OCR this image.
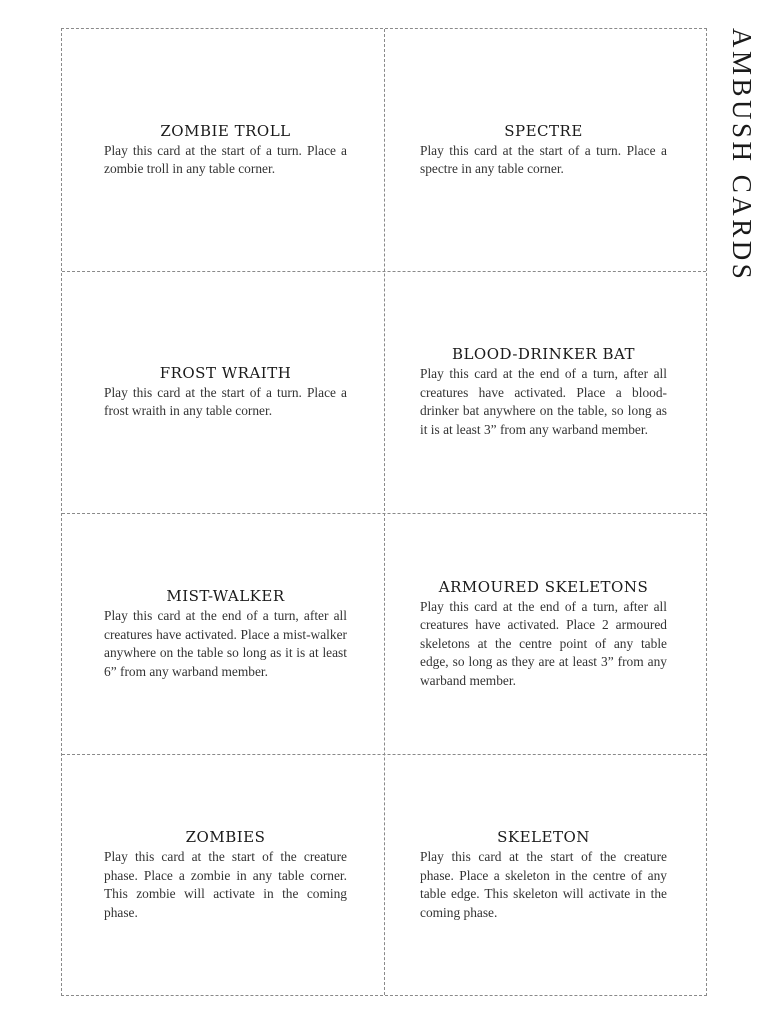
ZOMBIE TROLL
Play this card at the start of a turn. Place a zombie troll in any table corner.
SPECTRE
Play this card at the start of a turn. Place a spectre in any table corner.
FROST WRAITH
Play this card at the start of a turn. Place a frost wraith in any table corner.
BLOOD-DRINKER BAT
Play this card at the end of a turn, after all creatures have activated. Place a blood-drinker bat anywhere on the table, so long as it is at least 3” from any warband member.
MIST-WALKER
Play this card at the end of a turn, after all creatures have activated. Place a mist-walker anywhere on the table so long as it is at least 6” from any warband member.
ARMOURED SKELETONS
Play this card at the end of a turn, after all creatures have activated. Place 2 armoured skeletons at the centre point of any table edge, so long as they are at least 3” from any warband member.
ZOMBIES
Play this card at the start of the creature phase. Place a zombie in any table corner. This zombie will activate in the coming phase.
SKELETON
Play this card at the start of the creature phase. Place a skeleton in the centre of any table edge. This skeleton will activate in the coming phase.
AMBUSH CARDS
